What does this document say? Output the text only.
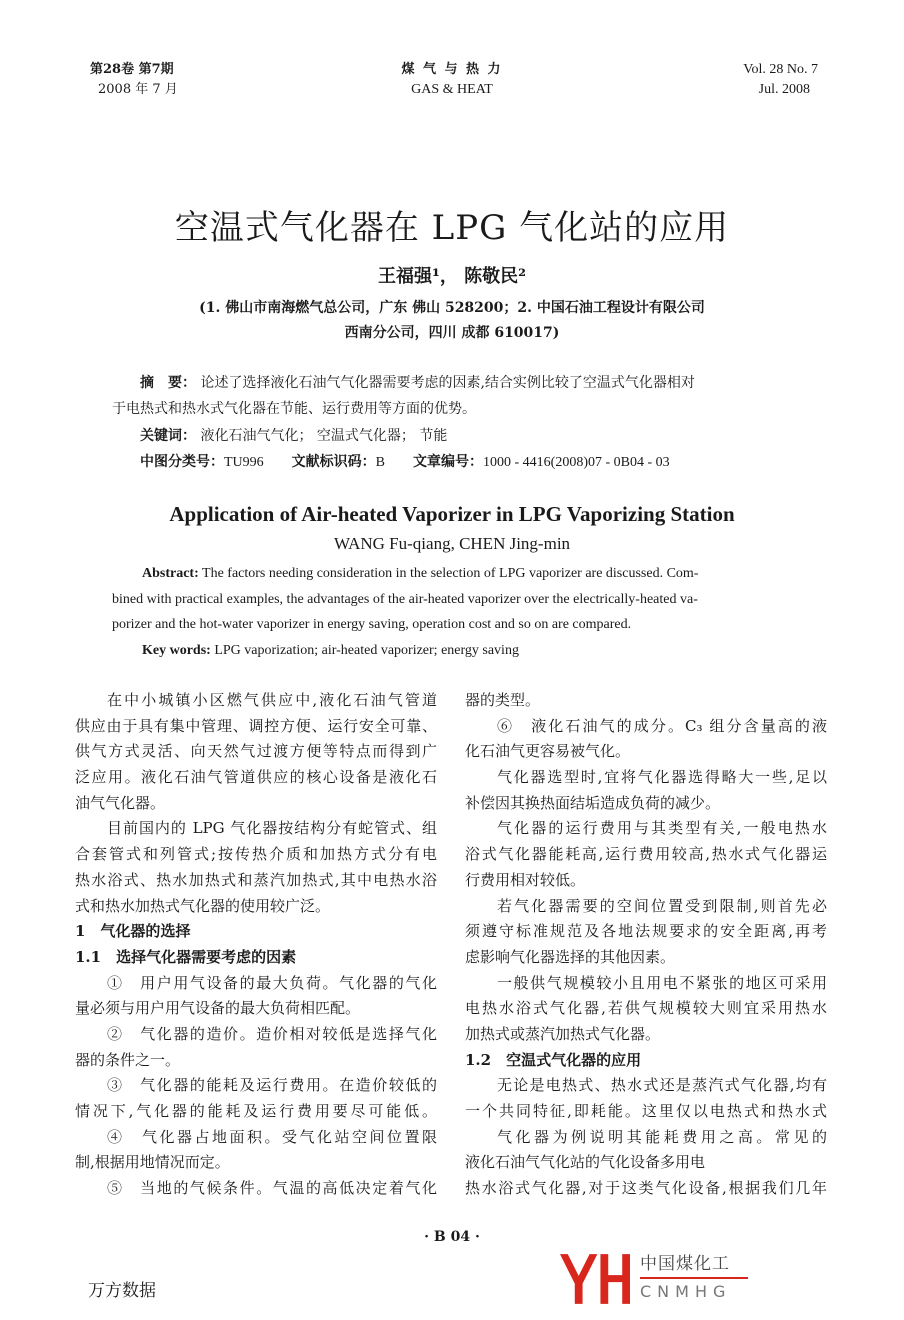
第28卷 第7期
2008 年 7 月
煤 气 与 热 力
GAS & HEAT
Vol. 28 No. 7
Jul. 2008
空温式气化器在 LPG 气化站的应用
王福强¹， 陈敬民²
(1. 佛山市南海燃气总公司，广东 佛山 528200；2. 中国石油工程设计有限公司
西南分公司，四川 成都 610017)
摘　要： 论述了选择液化石油气气化器需要考虑的因素,结合实例比较了空温式气化器相对
于电热式和热水式气化器在节能、运行费用等方面的优势。
关键词： 液化石油气气化； 空温式气化器； 节能
中图分类号：TU996　　 文献标识码：B　　 文章编号：1000 - 4416(2008)07 - 0B04 - 03
Application of Air-heated Vaporizer in LPG Vaporizing Station
WANG Fu-qiang, CHEN Jing-min
Abstract: The factors needing consideration in the selection of LPG vaporizer are discussed. Com-
bined with practical examples, the advantages of the air-heated vaporizer over the electrically-heated va-
porizer and the hot-water vaporizer in energy saving, operation cost and so on are compared.
Key words: LPG vaporization; air-heated vaporizer; energy saving
在中小城镇小区燃气供应中,液化石油气管道
供应由于具有集中管理、调控方便、运行安全可靠、
供气方式灵活、向天然气过渡方便等特点而得到广
泛应用。液化石油气管道供应的核心设备是液化石
油气气化器。
目前国内的 LPG 气化器按结构分有蛇管式、组
合套管式和列管式;按传热介质和加热方式分有电
热水浴式、热水加热式和蒸汽加热式,其中电热水浴
式和热水加热式气化器的使用较广泛。
1　气化器的选择
1.1　选择气化器需要考虑的因素
①　用户用气设备的最大负荷。气化器的气化
量必须与用户用气设备的最大负荷相匹配。
②　气化器的造价。造价相对较低是选择气化
器的条件之一。
③　气化器的能耗及运行费用。在造价较低的
情况下,气化器的能耗及运行费用要尽可能低。
④　气化器占地面积。受气化站空间位置限
制,根据用地情况而定。
⑤　当地的气候条件。气温的高低决定着气化
器的类型。
⑥　液化石油气的成分。C₃ 组分含量高的液
化石油气更容易被气化。
气化器选型时,宜将气化器选得略大一些,足以
补偿因其换热面结垢造成负荷的减少。
气化器的运行费用与其类型有关,一般电热水
浴式气化器能耗高,运行费用较高,热水式气化器运
行费用相对较低。
若气化器需要的空间位置受到限制,则首先必
须遵守标准规范及各地法规要求的安全距离,再考
虑影响气化器选择的其他因素。
一般供气规模较小且用电不紧张的地区可采用
电热水浴式气化器,若供气规模较大则宜采用热水
加热式或蒸汽加热式气化器。
1.2　空温式气化器的应用
无论是电热式、热水式还是蒸汽式气化器,均有
一个共同特征,即耗能。这里仅以电热式和热水式
气化器为例说明其能耗费用之高。常见的
液化石油气气化站的气化设备多用电
热水浴式气化器,对于这类气化设备,根据我们几年
中国煤化工
CNMHG
· B 04 ·
万方数据
